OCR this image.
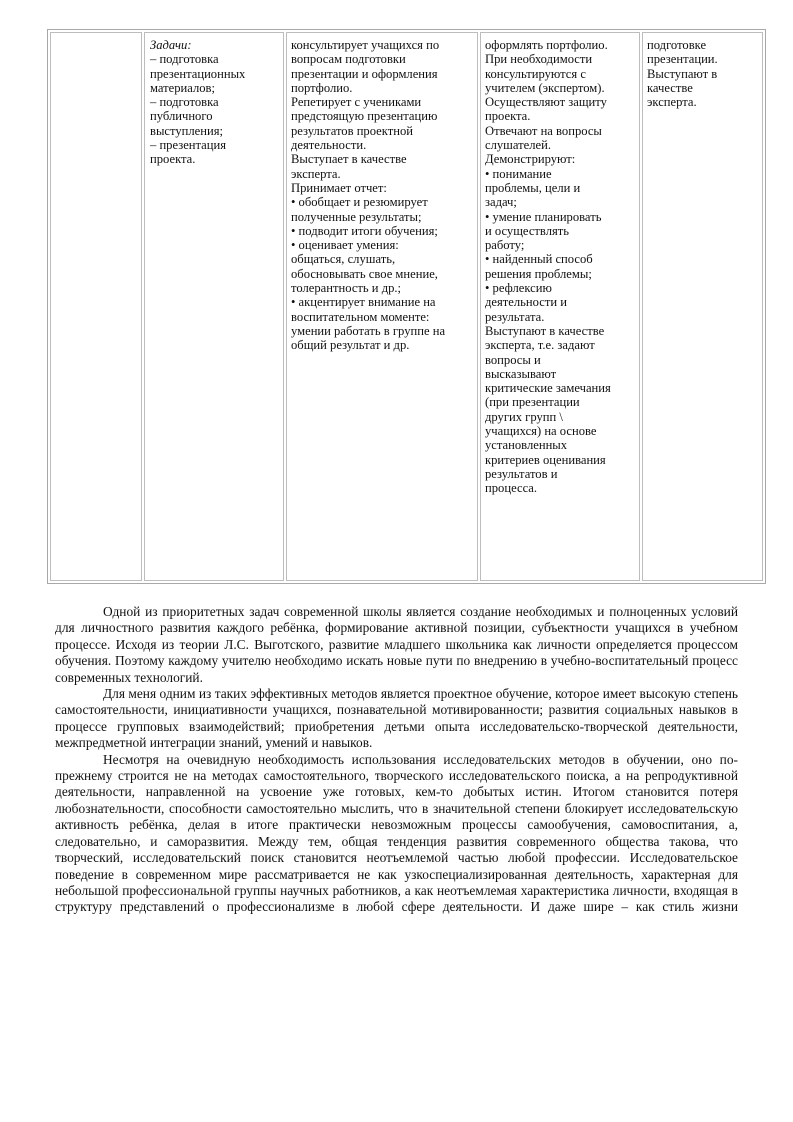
Задачи:
– подготовка
презентационных
материалов;
– подготовка
публичного
выступления;
– презентация
проекта.
консультирует учащихся по
вопросам подготовки
презентации и оформления
портфолио.
Репетирует с учениками
предстоящую презентацию
результатов проектной
деятельности.
Выступает в качестве
эксперта.
Принимает отчет:
• обобщает и резюмирует
полученные результаты;
• подводит итоги обучения;
• оценивает умения:
общаться, слушать,
обосновывать свое мнение,
толерантность и др.;
• акцентирует внимание на
воспитательном моменте:
умении работать в группе на
общий результат и др.
оформлять портфолио.
При необходимости
консультируются с
учителем (экспертом).
Осуществляют защиту
проекта.
Отвечают на вопросы
слушателей.
Демонстрируют:
• понимание
проблемы, цели и
задач;
• умение планировать
и осуществлять
работу;
• найденный способ
решения проблемы;
• рефлексию
деятельности и
результата.
Выступают в качестве
эксперта, т.е. задают
вопросы и
высказывают
критические замечания
(при презентации
других групп \
учащихся) на основе
установленных
критериев оценивания
результатов и
процесса.
подготовке
презентации.
Выступают в
качестве
эксперта.

Одной из приоритетных задач современной школы является создание необходимых и полноценных условий для личностного развития каждого ребёнка, формирование активной позиции, субъектности учащихся в учебном процессе. Исходя из теории Л.С. Выготского, развитие младшего школьника как личности определяется процессом обучения. Поэтому каждому учителю необходимо искать новые пути по внедрению в учебно-воспитательный процесс современных технологий.

Для меня одним из таких эффективных методов является проектное обучение, которое имеет высокую степень самостоятельности, инициативности учащихся, познавательной мотивированности; развития социальных навыков в процессе групповых взаимодействий; приобретения детьми опыта исследовательско-творческой деятельности, межпредметной интеграции знаний, умений и навыков.

Несмотря на очевидную необходимость использования исследовательских методов в обучении, оно по-прежнему строится не на методах самостоятельного, творческого исследовательского поиска, а на репродуктивной деятельности, направленной на усвоение уже готовых, кем-то добытых истин. Итогом становится потеря любознательности, способности самостоятельно мыслить, что в значительной степени блокирует исследовательскую активность ребёнка, делая в итоге практически невозможным процессы самообучения, самовоспитания, а, следовательно, и саморазвития. Между тем, общая тенденция развития современного общества такова, что творческий, исследовательский поиск становится неотъемлемой частью любой профессии. Исследовательское поведение в современном мире рассматривается не как узкоспециализированная деятельность, характерная для небольшой профессиональной группы научных работников, а как неотъемлемая характеристика личности, входящая в структуру представлений о профессионализме в любой сфере деятельности. И даже шире – как стиль жизни
